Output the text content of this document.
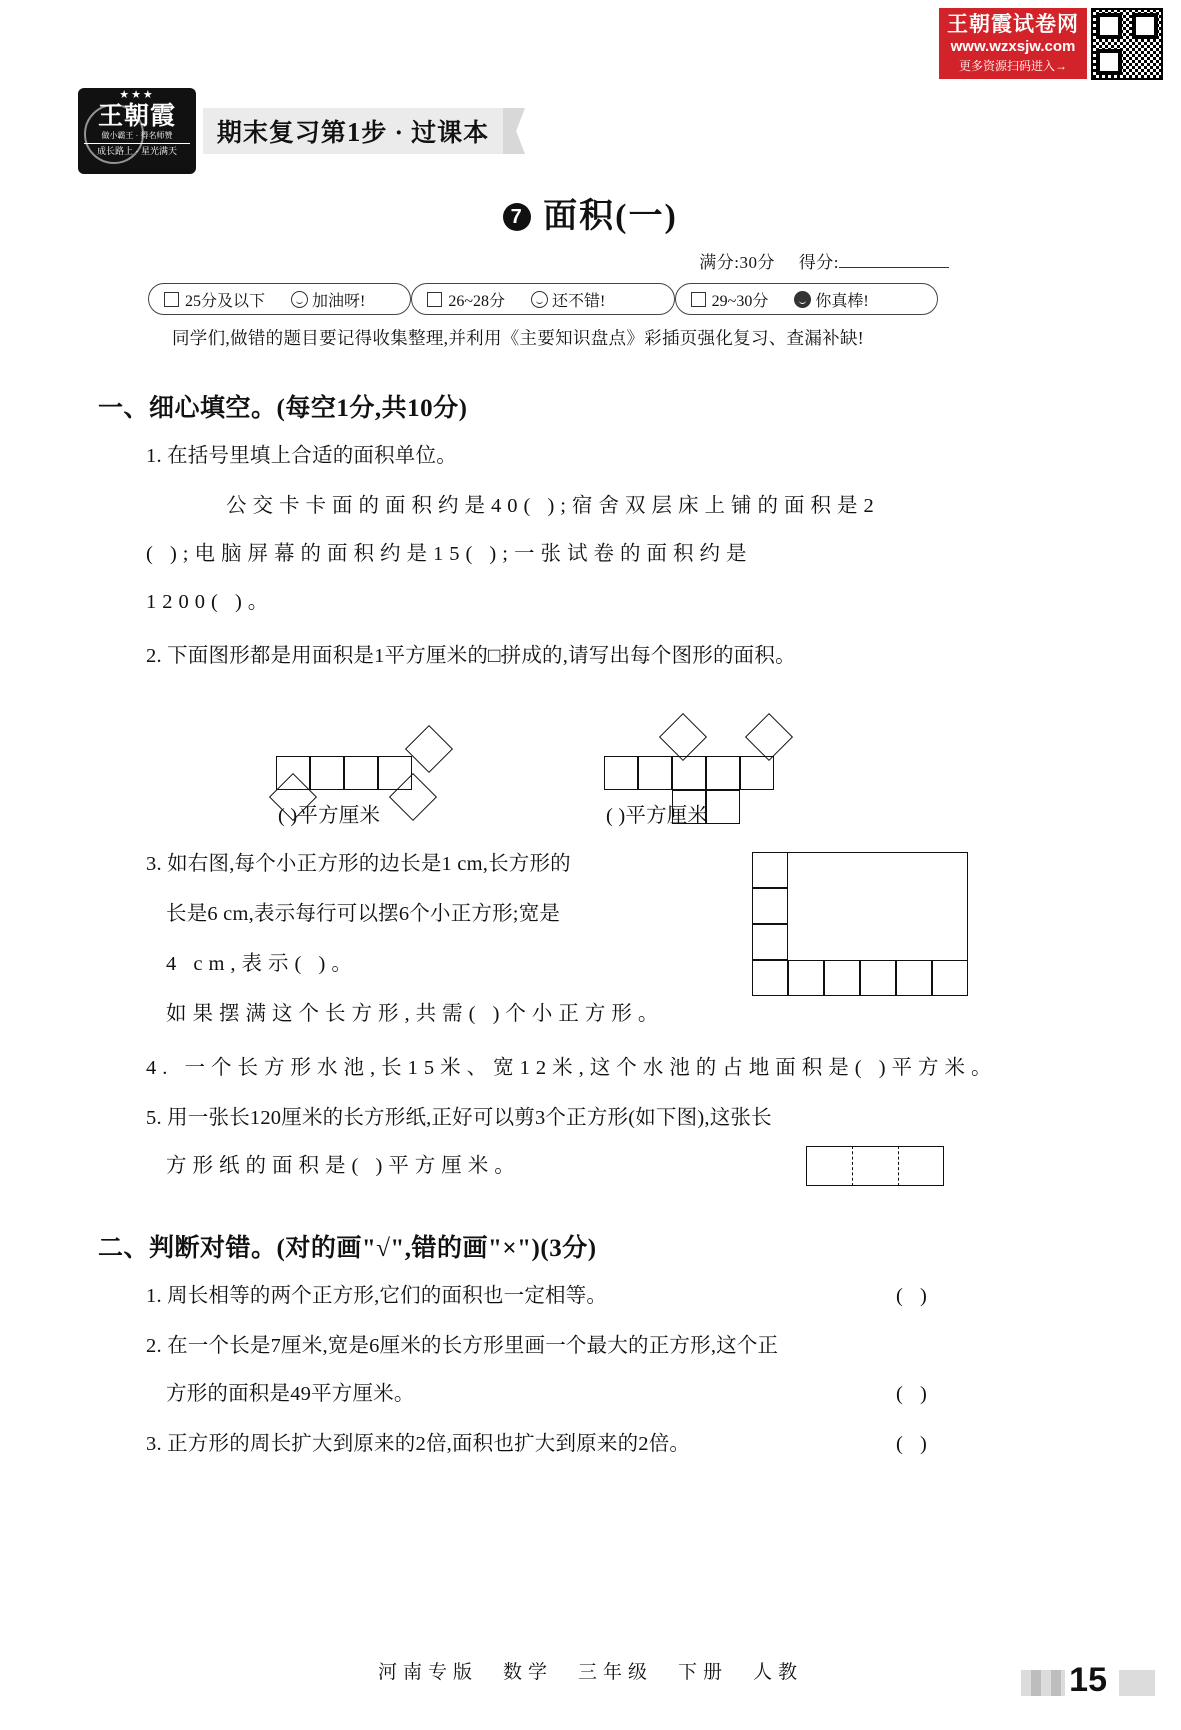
王朝霞试卷网
www.wzxsjw.com
更多资源扫码进入→
★★★
王朝霞
做小霸王 · 得名师赞
成长路上 · 星光满天
期末复习第1步 · 过课本
7 面积(一)
满分:30分 得分:
25分及以下	加油呀!	26~28分	还不错!	29~30分	你真棒!
同学们,做错的题目要记得收集整理,并利用《主要知识盘点》彩插页强化复习、查漏补缺!
一、细心填空。(每空1分,共10分)
1. 在括号里填上合适的面积单位。
公交卡卡面的面积约是40( );宿舍双层床上铺的面积是2
( );电脑屏幕的面积约是15( );一张试卷的面积约是
1200( )。
2. 下面图形都是用面积是1平方厘米的□拼成的,请写出每个图形的面积。
( )平方厘米	( )平方厘米
3. 如右图,每个小正方形的边长是1 cm,长方形的
长是6 cm,表示每行可以摆6个小正方形;宽是
4 cm,表示( )。
如果摆满这个长方形,共需( )个小正方形。
4. 一个长方形水池,长15米、宽12米,这个水池的占地面积是( )平方米。
5. 用一张长120厘米的长方形纸,正好可以剪3个正方形(如下图),这张长
方形纸的面积是( )平方厘米。
二、判断对错。(对的画"√",错的画"×")(3分)
1. 周长相等的两个正方形,它们的面积也一定相等。	( )
2. 在一个长是7厘米,宽是6厘米的长方形里画一个最大的正方形,这个正
方形的面积是49平方厘米。	( )
3. 正方形的周长扩大到原来的2倍,面积也扩大到原来的2倍。	( )
河南专版　数学　三年级　下册　人教	15
